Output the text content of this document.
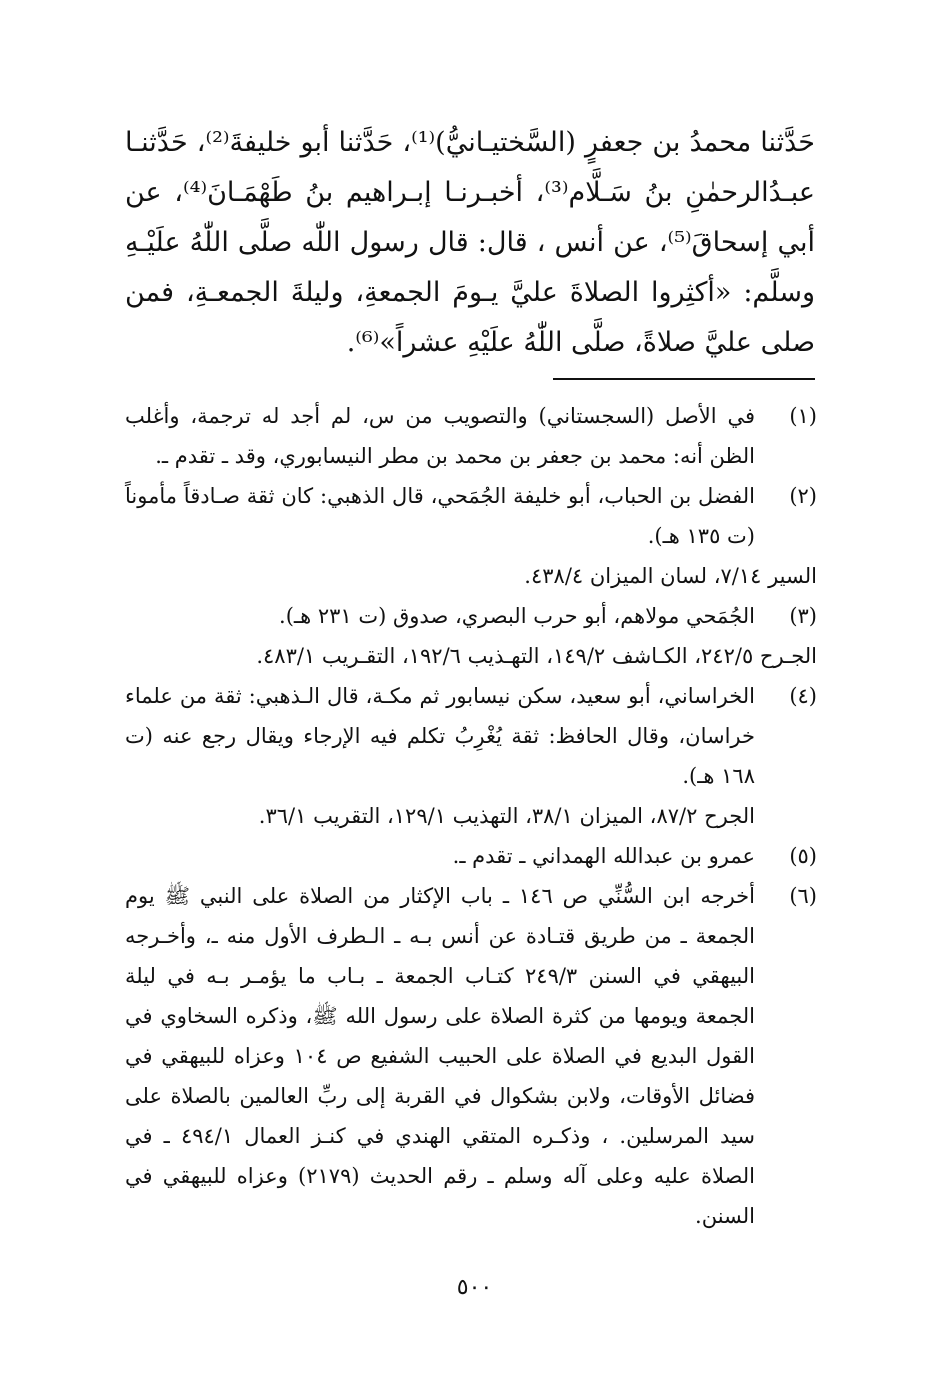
حَدَّثنا محمدُ بن جعفرٍ (السَّختيـانيُّ)⁽¹⁾، حَدَّثنا أبو خليفةَ⁽²⁾، حَدَّثنـا عبـدُالرحمٰنِ بنُ سَـلَّام⁽³⁾، أخبـرنـا إبـراهيم بنُ طَهْمَـانَ⁽⁴⁾، عن أبي إسحاقَ⁽⁵⁾، عن أنس ، قال: قال رسول اللّٰه صلَّى اللّٰهُ علَيْـهِ وسلَّم: «أكثِروا الصلاةَ عليَّ يـومَ الجمعةِ، وليلةَ الجمعـةِ، فمن صلى عليَّ صلاةً، صلَّى اللّٰهُ علَيْهِ عشراً»⁽⁶⁾.

(١)

في الأصل (السجستاني) والتصويب من س، لم أجد له ترجمة، وأغلب الظن أنه: محمد بن جعفر بن محمد بن مطر النيسابوري، وقد ـ تقدم ـ.

(٢)

الفضل بن الحباب، أبو خليفة الجُمَحي، قال الذهبي: كان ثقة صـادقاً مأموناً (ت ١٣٥ هـ).

السير ٧/١٤، لسان الميزان ٤٣٨/٤.

(٣)

الجُمَحي مولاهم، أبو حرب البصري، صدوق (ت ٢٣١ هـ).

الجـرح ٢٤٢/٥، الكـاشف ١٤٩/٢، التهـذيب ١٩٢/٦، التقـريب ٤٨٣/١.

(٤)

الخراساني، أبو سعيد، سكن نيسابور ثم مكـة، قال الـذهبي: ثقة من علماء خراسان، وقال الحافظ: ثقة يُغْرِبُ تكلم فيه الإرجاء ويقال رجع عنه (ت ١٦٨ هـ).

الجرح ٨٧/٢، الميزان ٣٨/١، التهذيب ١٢٩/١، التقريب ٣٦/١.

(٥)

عمرو بن عبدالله الهمداني ـ تقدم ـ.

(٦)

أخرجه ابن السُّنِّي ص ١٤٦ ـ باب الإكثار من الصلاة على النبي ﷺ يوم الجمعة ـ من طريق قتـادة عن أنس بـه ـ الـطرف الأول منه ـ، وأخـرجه البيهقي في السنن ٢٤٩/٣ كتـاب الجمعة ـ بـاب ما يؤمـر بـه في ليلة الجمعة ويومها من كثرة الصلاة على رسول الله ﷺ، وذكره السخاوي في القول البديع في الصلاة على الحبيب الشفيع ص ١٠٤ وعزاه للبيهقي في فضائل الأوقات، ولابن بشكوال في القربة إلى ربِّ العالمين بالصلاة على سيد المرسلين. ، وذكـره المتقي الهندي في كنـز العمال ٤٩٤/١ ـ في الصلاة عليه وعلى آله وسلم ـ رقم الحديث (٢١٧٩) وعزاه للبيهقي في السنن.

٥٠٠
